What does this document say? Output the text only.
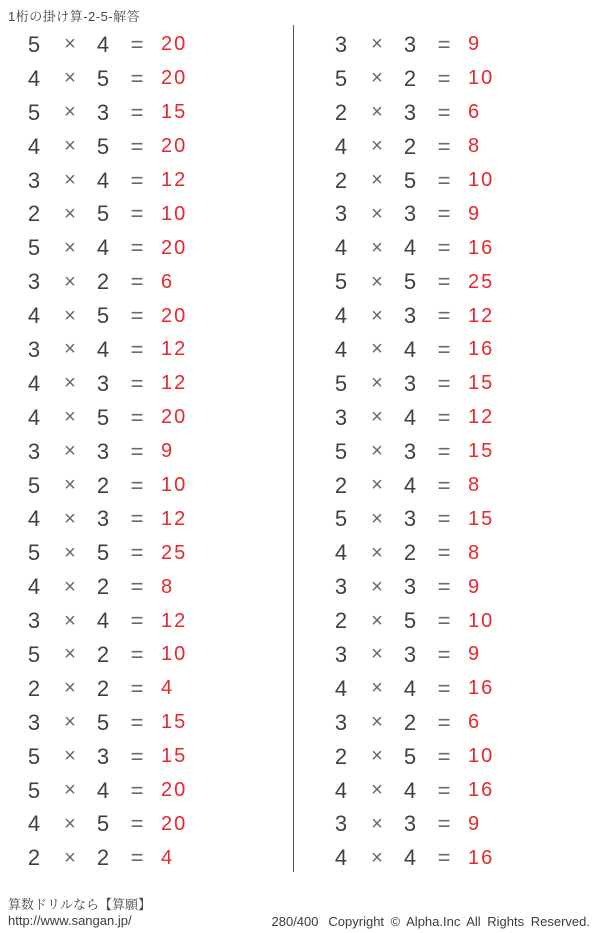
1桁の掛け算-2-5-解答
5	× 4 = 20
4	× 5 = 20
5	× 3 = 15
4	× 5 = 20
3	× 4 = 12
2	× 5 = 10
5	× 4 = 20
3	× 2 = 6
4	× 5 = 20
3	× 4 = 12
4	× 3 = 12
4	× 5 = 20
3	× 3 = 9
5	× 2 = 10
4	× 3 = 12
5	× 5 = 25
4	× 2 = 8
3	× 4 = 12
5	× 2 = 10
2	× 2 = 4
3	× 5 = 15
5	× 3 = 15
5	× 4 = 20
4	× 5 = 20
2	× 2 = 4
3	× 3 = 9
5	× 2 = 10
2	× 3 = 6
4	× 2 = 8
2	× 5 = 10
3	× 3 = 9
4	× 4 = 16
5	× 5 = 25
4	× 3 = 12
4	× 4 = 16
5	× 3 = 15
3	× 4 = 12
5	× 3 = 15
2	× 4 = 8
5	× 3 = 15
4	× 2 = 8
3	× 3 = 9
2	× 5 = 10
3	× 3 = 9
4	× 4 = 16
3	× 2 = 6
2	× 5 = 10
4	× 4 = 16
3	× 3 = 9
4	× 4 = 16
算数ドリルなら【算願】
http://www.sangan.jp/	280/400 Copyright © Alpha.Inc All Rights Reserved.
